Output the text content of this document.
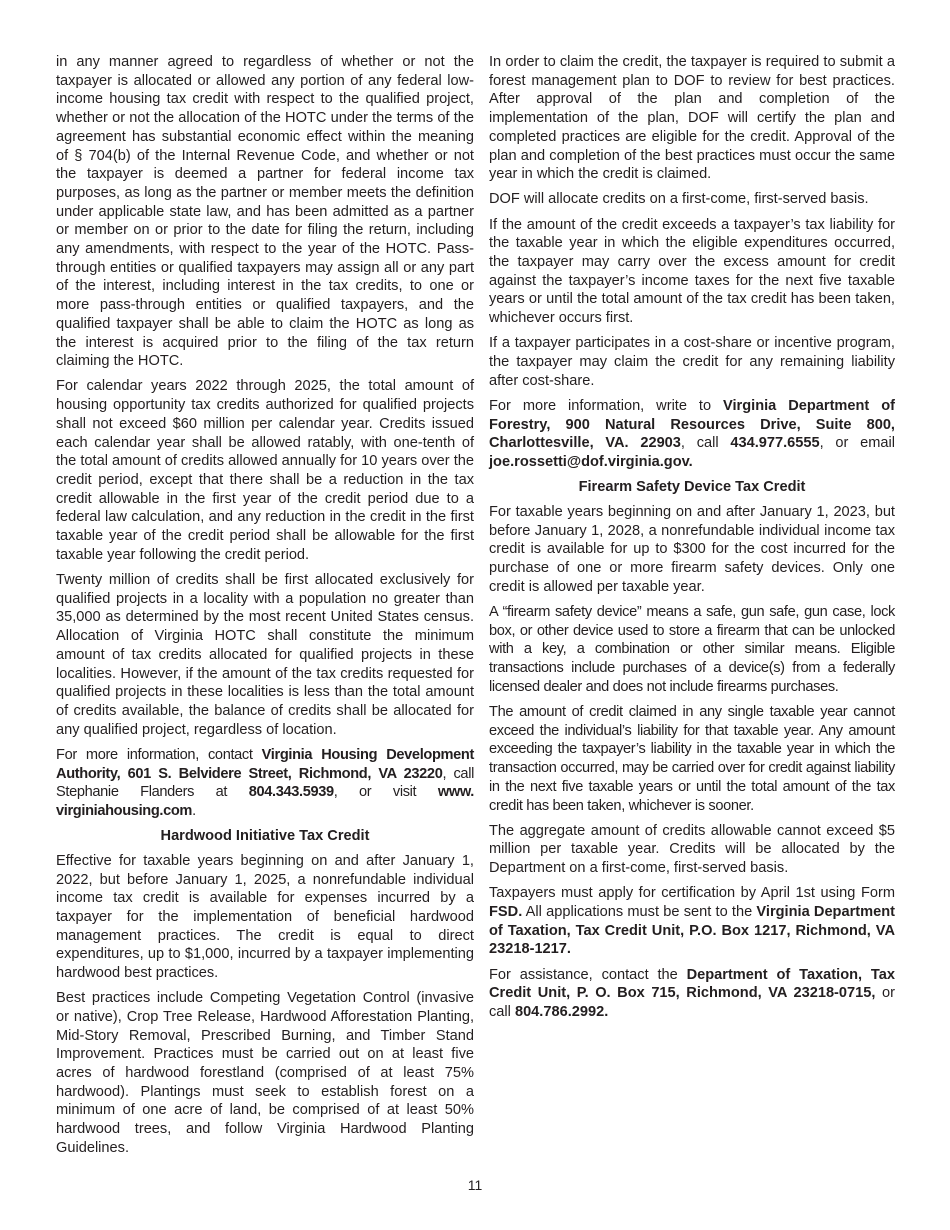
in any manner agreed to regardless of whether or not the taxpayer is allocated or allowed any portion of any federal low-income housing tax credit with respect to the qualified project, whether or not the allocation of the HOTC under the terms of the agreement has substantial economic effect within the meaning of § 704(b) of the Internal Revenue Code, and whether or not the taxpayer is deemed a partner for federal income tax purposes, as long as the partner or member meets the definition under applicable state law, and has been admitted as a partner or member on or prior to the date for filing the return, including any amendments, with respect to the year of the HOTC. Pass-through entities or qualified taxpayers may assign all or any part of the interest, including interest in the tax credits, to one or more pass-through entities or qualified taxpayers, and the qualified taxpayer shall be able to claim the HOTC as long as the interest is acquired prior to the filing of the tax return claiming the HOTC.

For calendar years 2022 through 2025, the total amount of housing opportunity tax credits authorized for qualified projects shall not exceed $60 million per calendar year. Credits issued each calendar year shall be allowed ratably, with one-tenth of the total amount of credits allowed annually for 10 years over the credit period, except that there shall be a reduction in the tax credit allowable in the first year of the credit period due to a federal law calculation, and any reduction in the credit in the first taxable year of the credit period shall be allowable for the first taxable year following the credit period.

Twenty million of credits shall be first allocated exclusively for qualified projects in a locality with a population no greater than 35,000 as determined by the most recent United States census. Allocation of Virginia HOTC shall constitute the minimum amount of tax credits allocated for qualified projects in these localities. However, if the amount of the tax credits requested for qualified projects in these localities is less than the total amount of credits available, the balance of credits shall be allocated for any qualified project, regardless of location.

For more information, contact Virginia Housing Development Authority, 601 S. Belvidere Street, Richmond, VA 23220, call Stephanie Flanders at 804.343.5939, or visit www. virginiahousing.com.

Hardwood Initiative Tax Credit

Effective for taxable years beginning on and after January 1, 2022, but before January 1, 2025, a nonrefundable individual income tax credit is available for expenses incurred by a taxpayer for the implementation of beneficial hardwood management practices. The credit is equal to direct expenditures, up to $1,000, incurred by a taxpayer implementing hardwood best practices.

Best practices include Competing Vegetation Control (invasive or native), Crop Tree Release, Hardwood Afforestation Planting, Mid-Story Removal, Prescribed Burning, and Timber Stand Improvement. Practices must be carried out on at least five acres of hardwood forestland (comprised of at least 75% hardwood). Plantings must seek to establish forest on a minimum of one acre of land, be comprised of at least 50% hardwood trees, and follow Virginia Hardwood Planting Guidelines.

In order to claim the credit, the taxpayer is required to submit a forest management plan to DOF to review for best practices. After approval of the plan and completion of the implementation of the plan, DOF will certify the plan and completed practices are eligible for the credit. Approval of the plan and completion of the best practices must occur the same year in which the credit is claimed.

DOF will allocate credits on a first-come, first-served basis.

If the amount of the credit exceeds a taxpayer’s tax liability for the taxable year in which the eligible expenditures occurred, the taxpayer may carry over the excess amount for credit against the taxpayer’s income taxes for the next five taxable years or until the total amount of the tax credit has been taken, whichever occurs first.

If a taxpayer participates in a cost-share or incentive program, the taxpayer may claim the credit for any remaining liability after cost-share.

For more information, write to Virginia Department of Forestry, 900 Natural Resources Drive, Suite 800, Charlottesville, VA. 22903, call 434.977.6555, or email joe.rossetti@dof.virginia.gov.

Firearm Safety Device Tax Credit

For taxable years beginning on and after January 1, 2023, but before January 1, 2028, a nonrefundable individual income tax credit is available for up to $300 for the cost incurred for the purchase of one or more firearm safety devices. Only one credit is allowed per taxable year.

A “firearm safety device” means a safe, gun safe, gun case, lock box, or other device used to store a firearm that can be unlocked with a key, a combination or other similar means. Eligible transactions include purchases of a device(s) from a federally licensed dealer and does not include firearms purchases.

The amount of credit claimed in any single taxable year cannot exceed the individual’s liability for that taxable year. Any amount exceeding the taxpayer’s liability in the taxable year in which the transaction occurred, may be carried over for credit against liability in the next five taxable years or until the total amount of the tax credit has been taken, whichever is sooner.

The aggregate amount of credits allowable cannot exceed $5 million per taxable year. Credits will be allocated by the Department on a first-come, first-served basis.

Taxpayers must apply for certification by April 1st using Form FSD. All applications must be sent to the Virginia Department of Taxation, Tax Credit Unit, P.O. Box 1217, Richmond, VA 23218-1217.

For assistance, contact the Department of Taxation, Tax Credit Unit, P. O. Box 715, Richmond, VA 23218-0715, or call 804.786.2992.

11
